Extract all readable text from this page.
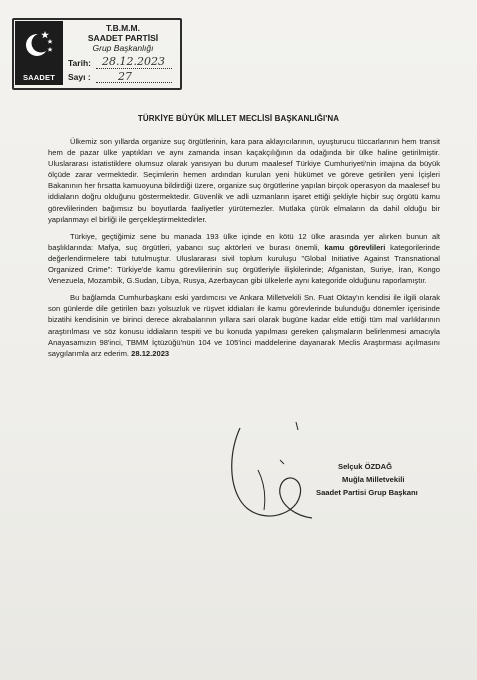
SAADET
T.B.M.M.
SAADET PARTİSİ
Grup Başkanlığı
Tarih: 28.12.2023
Sayı : 27
TÜRKİYE BÜYÜK MİLLET MECLİSİ BAŞKANLIĞI'NA

Ülkemiz son yıllarda organize suç örgütlerinin, kara para aklayıcılarının, uyuşturucu tüccarlarının hem transit hem de pazar ülke yaptıkları ve aynı zamanda insan kaçakçılığının da odağında bir ülke haline getirilmiştir. Uluslararası istatistiklere olumsuz olarak yansıyan bu durum maalesef Türkiye Cumhuriyeti'nin imajına da büyük ölçüde zarar vermektedir. Seçimlerin hemen ardından kurulan yeni hükümet ve göreve getirilen yeni İçişleri Bakanının her fırsatta kamuoyuna bildirdiği üzere, organize suç örgütlerine yapılan birçok operasyon da maalesef bu iddiaların doğru olduğunu göstermektedir. Güvenlik ve adli uzmanların işaret ettiği şekliyle hiçbir suç örgütü kamu görevlilerinden bağımsız bu boyutlarda faaliyetler yürütemezler. Mutlaka çürük elmaların da dahil olduğu bir yapılanmayı el birliği ile gerçekleştirmektedirler.

Türkiye, geçtiğimiz sene bu manada 193 ülke içinde en kötü 12 ülke arasında yer alırken bunun alt başlıklarında: Mafya, suç örgütleri, yabancı suç aktörleri ve burası önemli, kamu görevlileri kategorilerinde değerlendirmelere tabi tutulmuştur. Uluslararası sivil toplum kuruluşu "Global Initiative Against Transnational Organized Crime": Türkiye'de kamu görevlilerinin suç örgütleriyle ilişkilerinde; Afganistan, Suriye, İran, Kongo Venezuela, Mozambik, G.Sudan, Libya, Rusya, Azerbaycan gibi ülkelerle aynı kategoride olduğunu raporlamıştır.

Bu bağlamda Cumhurbaşkanı eski yardımcısı ve Ankara Milletvekili Sn. Fuat Oktay'ın kendisi ile ilgili olarak son günlerde dile getirilen bazı yolsuzluk ve rüşvet iddiaları ile kamu görevlerinde bulunduğu dönemler içerisinde bizatihi kendisinin ve birinci derece akrabalarının yıllara sari olarak bugüne kadar elde ettiği tüm mal varlıklarının araştırılması ve söz konusu iddiaların tespiti ve bu konuda yapılması gereken çalışmaların belirlenmesi amacıyla Anayasamızın 98'inci, TBMM İçtüzüğü'nün 104 ve 105'inci maddelerine dayanarak Meclis Araştırması açılmasını saygılarımla arz ederim. 28.12.2023

Selçuk ÖZDAĞ
Muğla Milletvekili
Saadet Partisi Grup Başkanı
